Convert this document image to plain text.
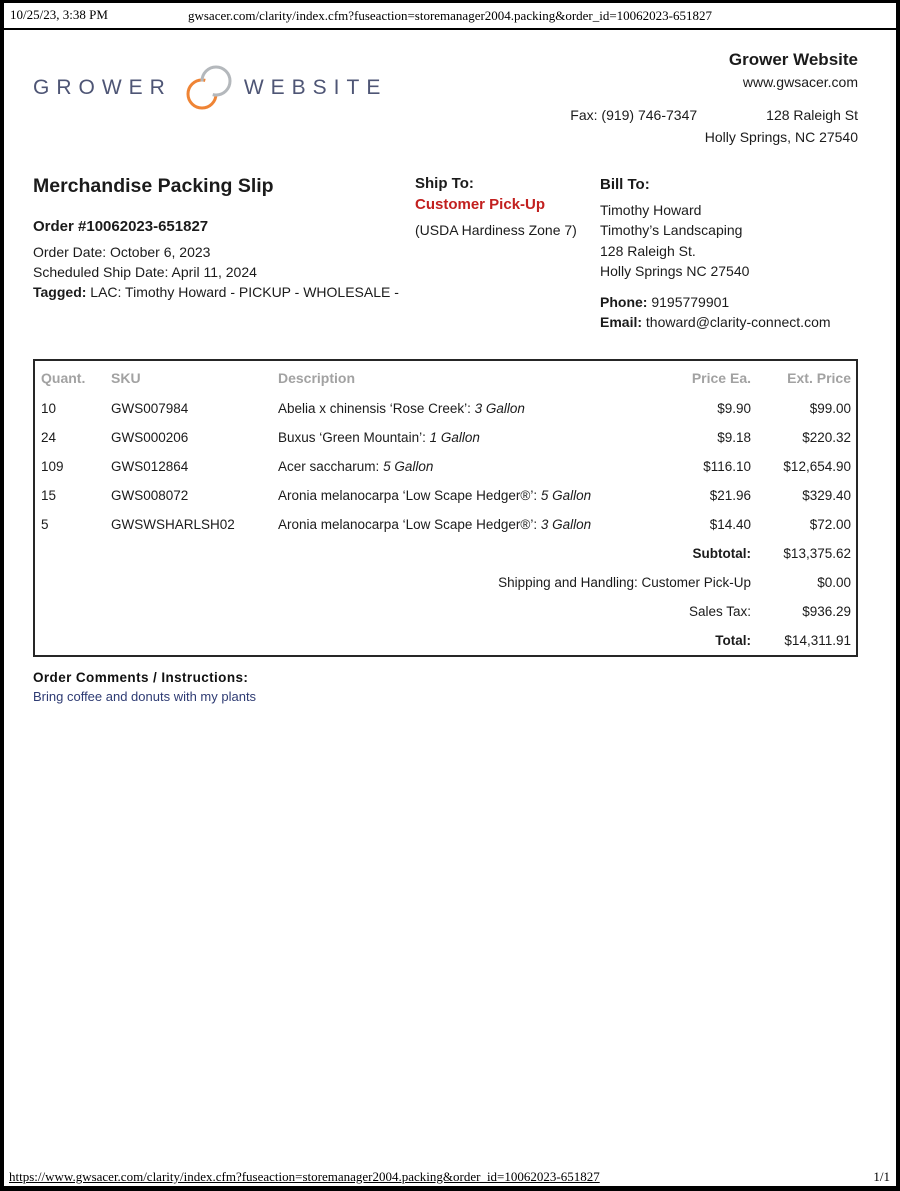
10/25/23, 3:38 PM	gwsacer.com/clarity/index.cfm?fuseaction=storemanager2004.packing&order_id=10062023-651827
GROWER	WEBSITE
Grower Website
www.gwsacer.com
Fax: (919) 746-7347	128 Raleigh St
Holly Springs, NC 27540
Merchandise Packing Slip
Order #10062023-651827
Order Date: October 6, 2023
Scheduled Ship Date: April 11, 2024
Tagged: LAC: Timothy Howard - PICKUP - WHOLESALE -
Ship To:
Customer Pick-Up
(USDA Hardiness Zone 7)
Bill To:
Timothy Howard
Timothy’s Landscaping
128 Raleigh St.
Holly Springs NC 27540
Phone: 9195779901
Email: thoward@clarity-connect.com
Quant.	SKU	Description	Price Ea.	Ext. Price
10	GWS007984	Abelia x chinensis ‘Rose Creek’: 3 Gallon	$9.90	$99.00
24	GWS000206	Buxus ‘Green Mountain’: 1 Gallon	$9.18	$220.32
109	GWS012864	Acer saccharum: 5 Gallon	$116.10	$12,654.90
15	GWS008072	Aronia melanocarpa ‘Low Scape Hedger®’: 5 Gallon	$21.96	$329.40
5	GWSWSHARLSH02	Aronia melanocarpa ‘Low Scape Hedger®’: 3 Gallon	$14.40	$72.00
Subtotal:				$13,375.62
Shipping and Handling: Customer Pick-Up				$0.00
Sales Tax:				$936.29
Total:				$14,311.91
Order Comments / Instructions:
Bring coffee and donuts with my plants
https://www.gwsacer.com/clarity/index.cfm?fuseaction=storemanager2004.packing&order_id=10062023-651827	1/1
